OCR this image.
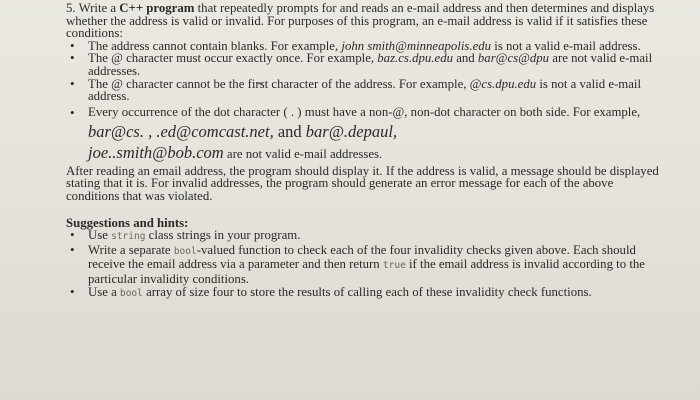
5. Write a C++ program that repeatedly prompts for and reads an e-mail address and then determines and displays whether the address is valid or invalid. For purposes of this program, an e-mail address is valid if it satisfies these conditions:

• The address cannot contain blanks. For example, john smith@minneapolis.edu is not a valid e-mail address.
• The @ character must occur exactly once. For example, baz.cs.dpu.edu and bar@cs@dpu are not valid e-mail addresses.
• The @ character cannot be the fir̶st character of the address. For example, @cs.dpu.edu is not a valid e-mail address.
• Every occurrence of the dot character ( . ) must have a non-@, non-dot character on both side. For example, bar@cs. , .ed@comcast.net, and bar@.depaul,
joe..smith@bob.com are not valid e-mail addresses.

After reading an email address, the program should display it. If the address is valid, a message should be displayed stating that it is. For invalid addresses, the program should generate an error message for each of the above conditions that was violated.

Suggestions and hints:

• Use string class strings in your program.
• Write a separate bool-valued function to check each of the four invalidity checks given above. Each should receive the email address via a parameter and then return true if the email address is invalid according to the particular invalidity conditions.
• Use a bool array of size four to store the results of calling each of these invalidity check functions.
